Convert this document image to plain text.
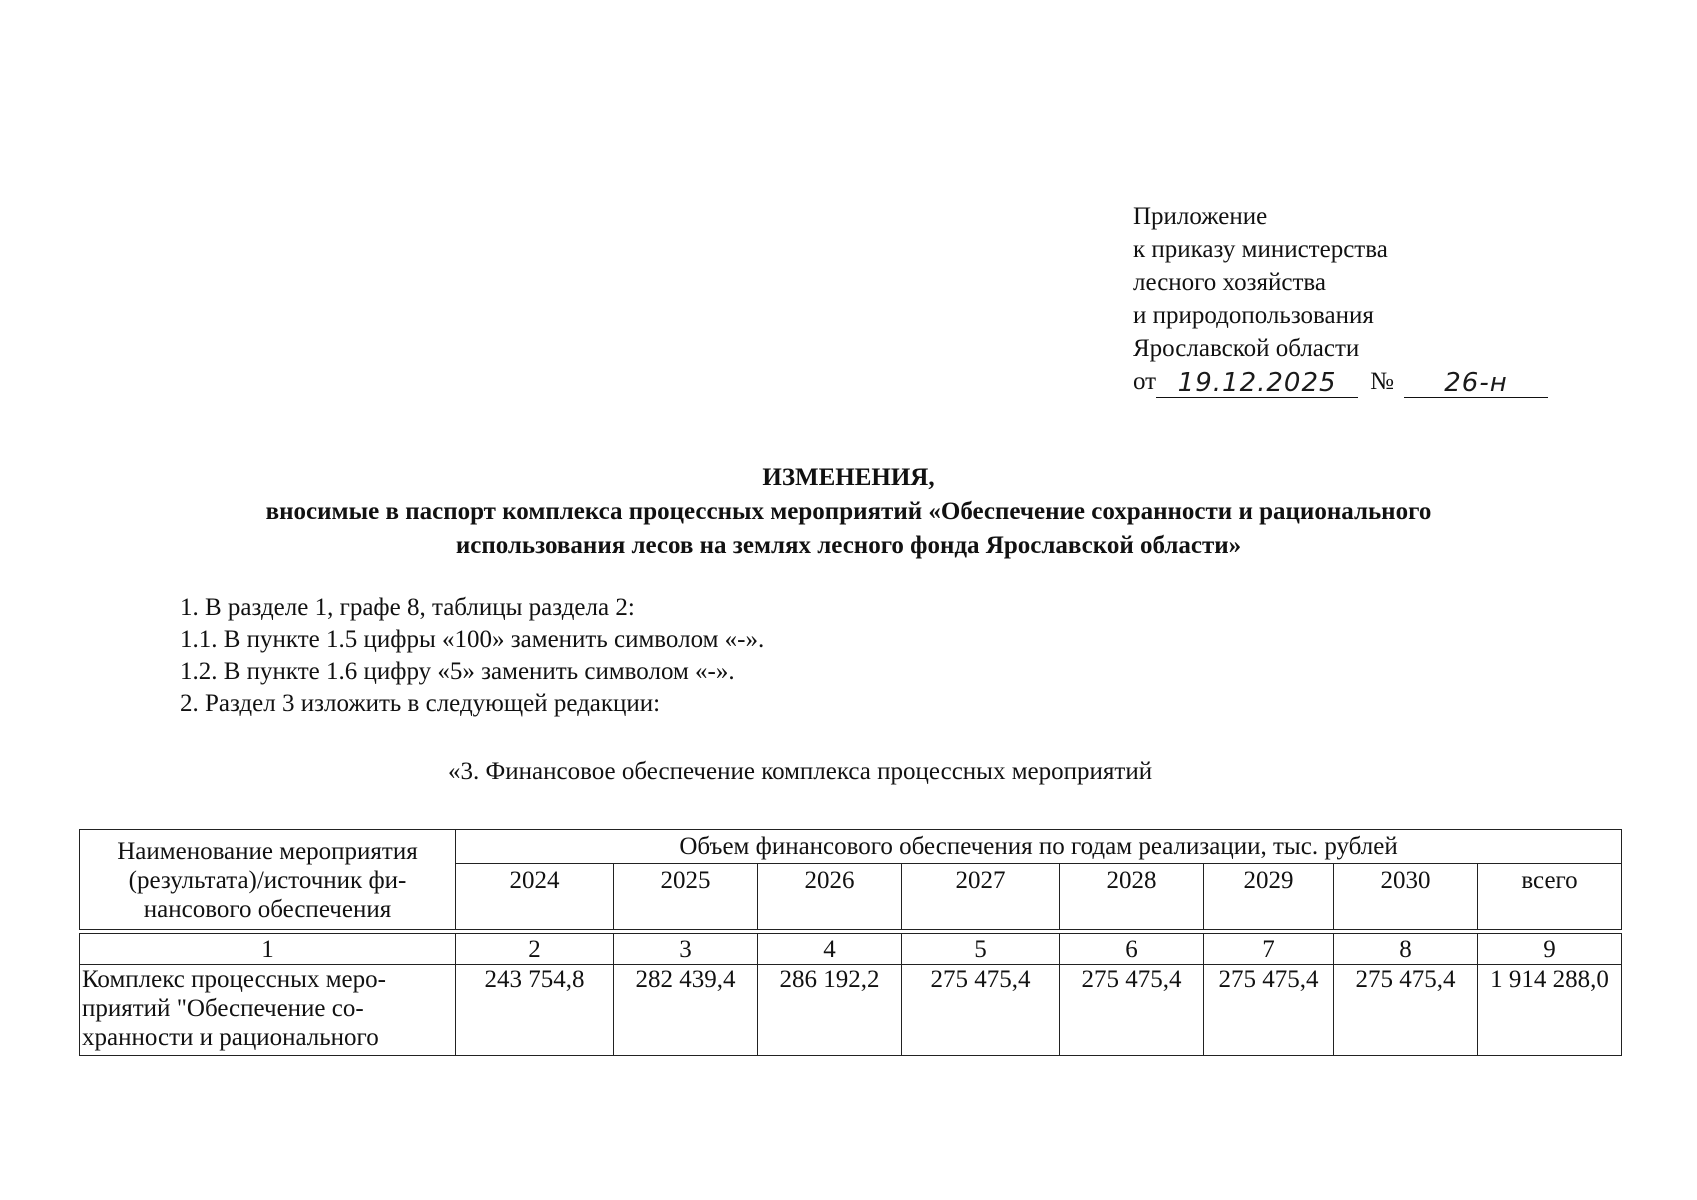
Приложение
к приказу министерства
лесного хозяйства
и природопользования
Ярославской области
от 19.12.2025 № 26-н
ИЗМЕНЕНИЯ,
вносимые в паспорт комплекса процессных мероприятий «Обеспечение сохранности и рационального
использования лесов на землях лесного фонда Ярославской области»
1. В разделе 1, графе 8, таблицы раздела 2:
1.1. В пункте 1.5 цифры «100» заменить символом «-».
1.2. В пункте 1.6 цифру «5» заменить символом «-».
2. Раздел 3 изложить в следующей редакции:
«3. Финансовое обеспечение комплекса процессных мероприятий
Наименование мероприятия
(результата)/источник фи-
нансового обеспечения	Объем финансового обеспечения по годам реализации, тыс. рублей							
	2024	2025	2026	2027	2028	2029	2030	всего
1	2	3	4	5	6	7	8	9

Комплекс процессных меро-
приятий "Обеспечение со-
хранности и рационального	243 754,8	282 439,4	286 192,2	275 475,4	275 475,4	275 475,4	275 475,4	1 914 288,0
